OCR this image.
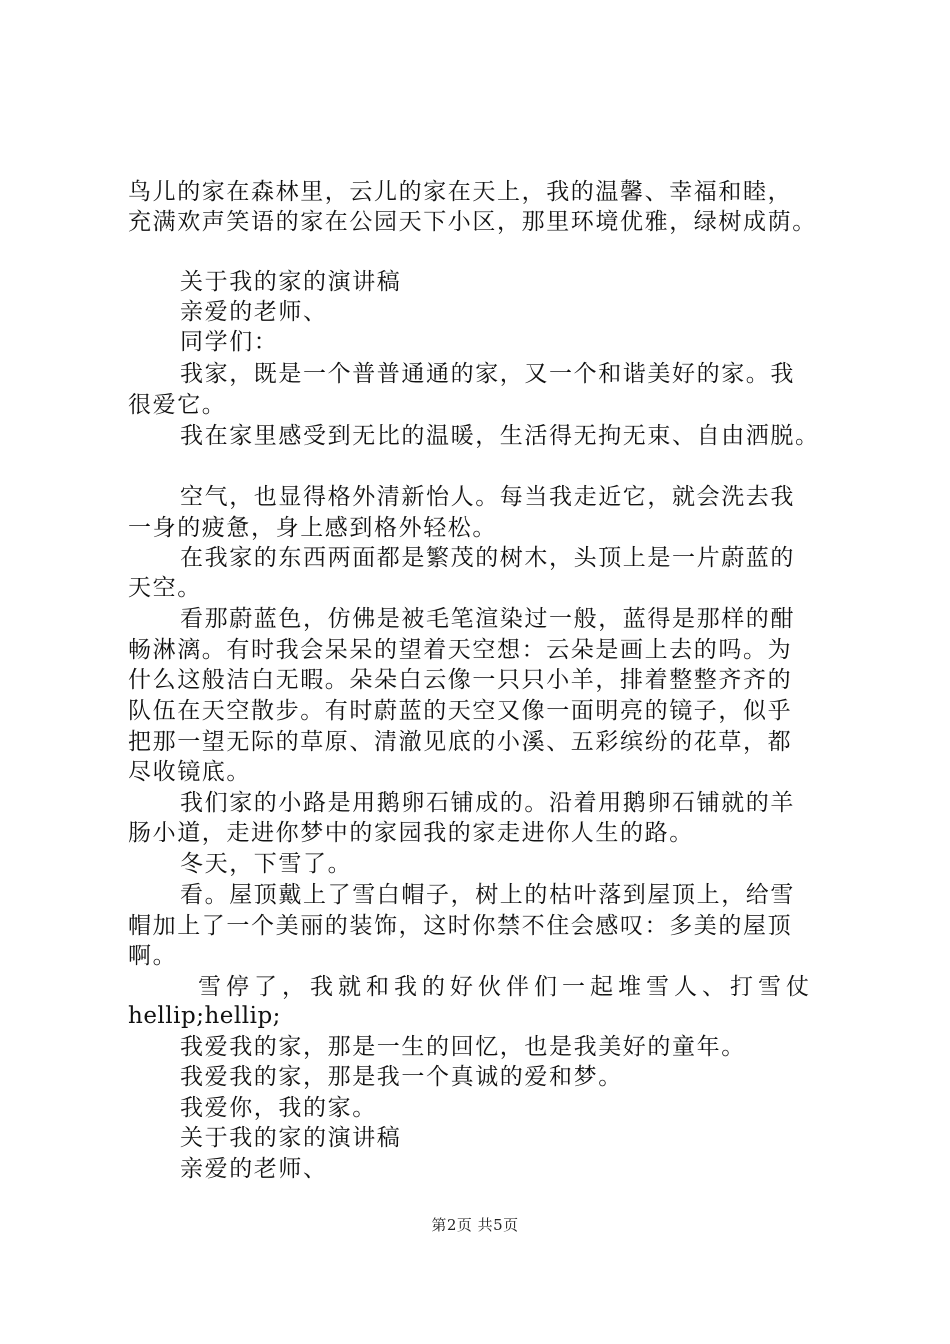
鸟儿的家在森林里，云儿的家在天上，我的温馨、幸福和睦，
充满欢声笑语的家在公园天下小区，那里环境优雅，绿树成荫。
关于我的家的演讲稿
亲爱的老师、
同学们：
我家，既是一个普普通通的家，又一个和谐美好的家。我
很爱它。
我在家里感受到无比的温暖，生活得无拘无束、自由洒脱。
空气，也显得格外清新怡人。每当我走近它，就会洗去我
一身的疲惫，身上感到格外轻松。
在我家的东西两面都是繁茂的树木，头顶上是一片蔚蓝的
天空。
看那蔚蓝色，仿佛是被毛笔渲染过一般，蓝得是那样的酣
畅淋漓。有时我会呆呆的望着天空想：云朵是画上去的吗。为
什么这般洁白无暇。朵朵白云像一只只小羊，排着整整齐齐的
队伍在天空散步。有时蔚蓝的天空又像一面明亮的镜子，似乎
把那一望无际的草原、清澈见底的小溪、五彩缤纷的花草，都
尽收镜底。
我们家的小路是用鹅卵石铺成的。沿着用鹅卵石铺就的羊
肠小道，走进你梦中的家园我的家走进你人生的路。
冬天，下雪了。
看。屋顶戴上了雪白帽子，树上的枯叶落到屋顶上，给雪
帽加上了一个美丽的装饰，这时你禁不住会感叹：多美的屋顶
啊。
雪停了，我就和我的好伙伴们一起堆雪人、打雪仗
hellip;hellip;
我爱我的家，那是一生的回忆，也是我美好的童年。
我爱我的家，那是我一个真诚的爱和梦。
我爱你，我的家。
关于我的家的演讲稿
亲爱的老师、
第2页 共5页
